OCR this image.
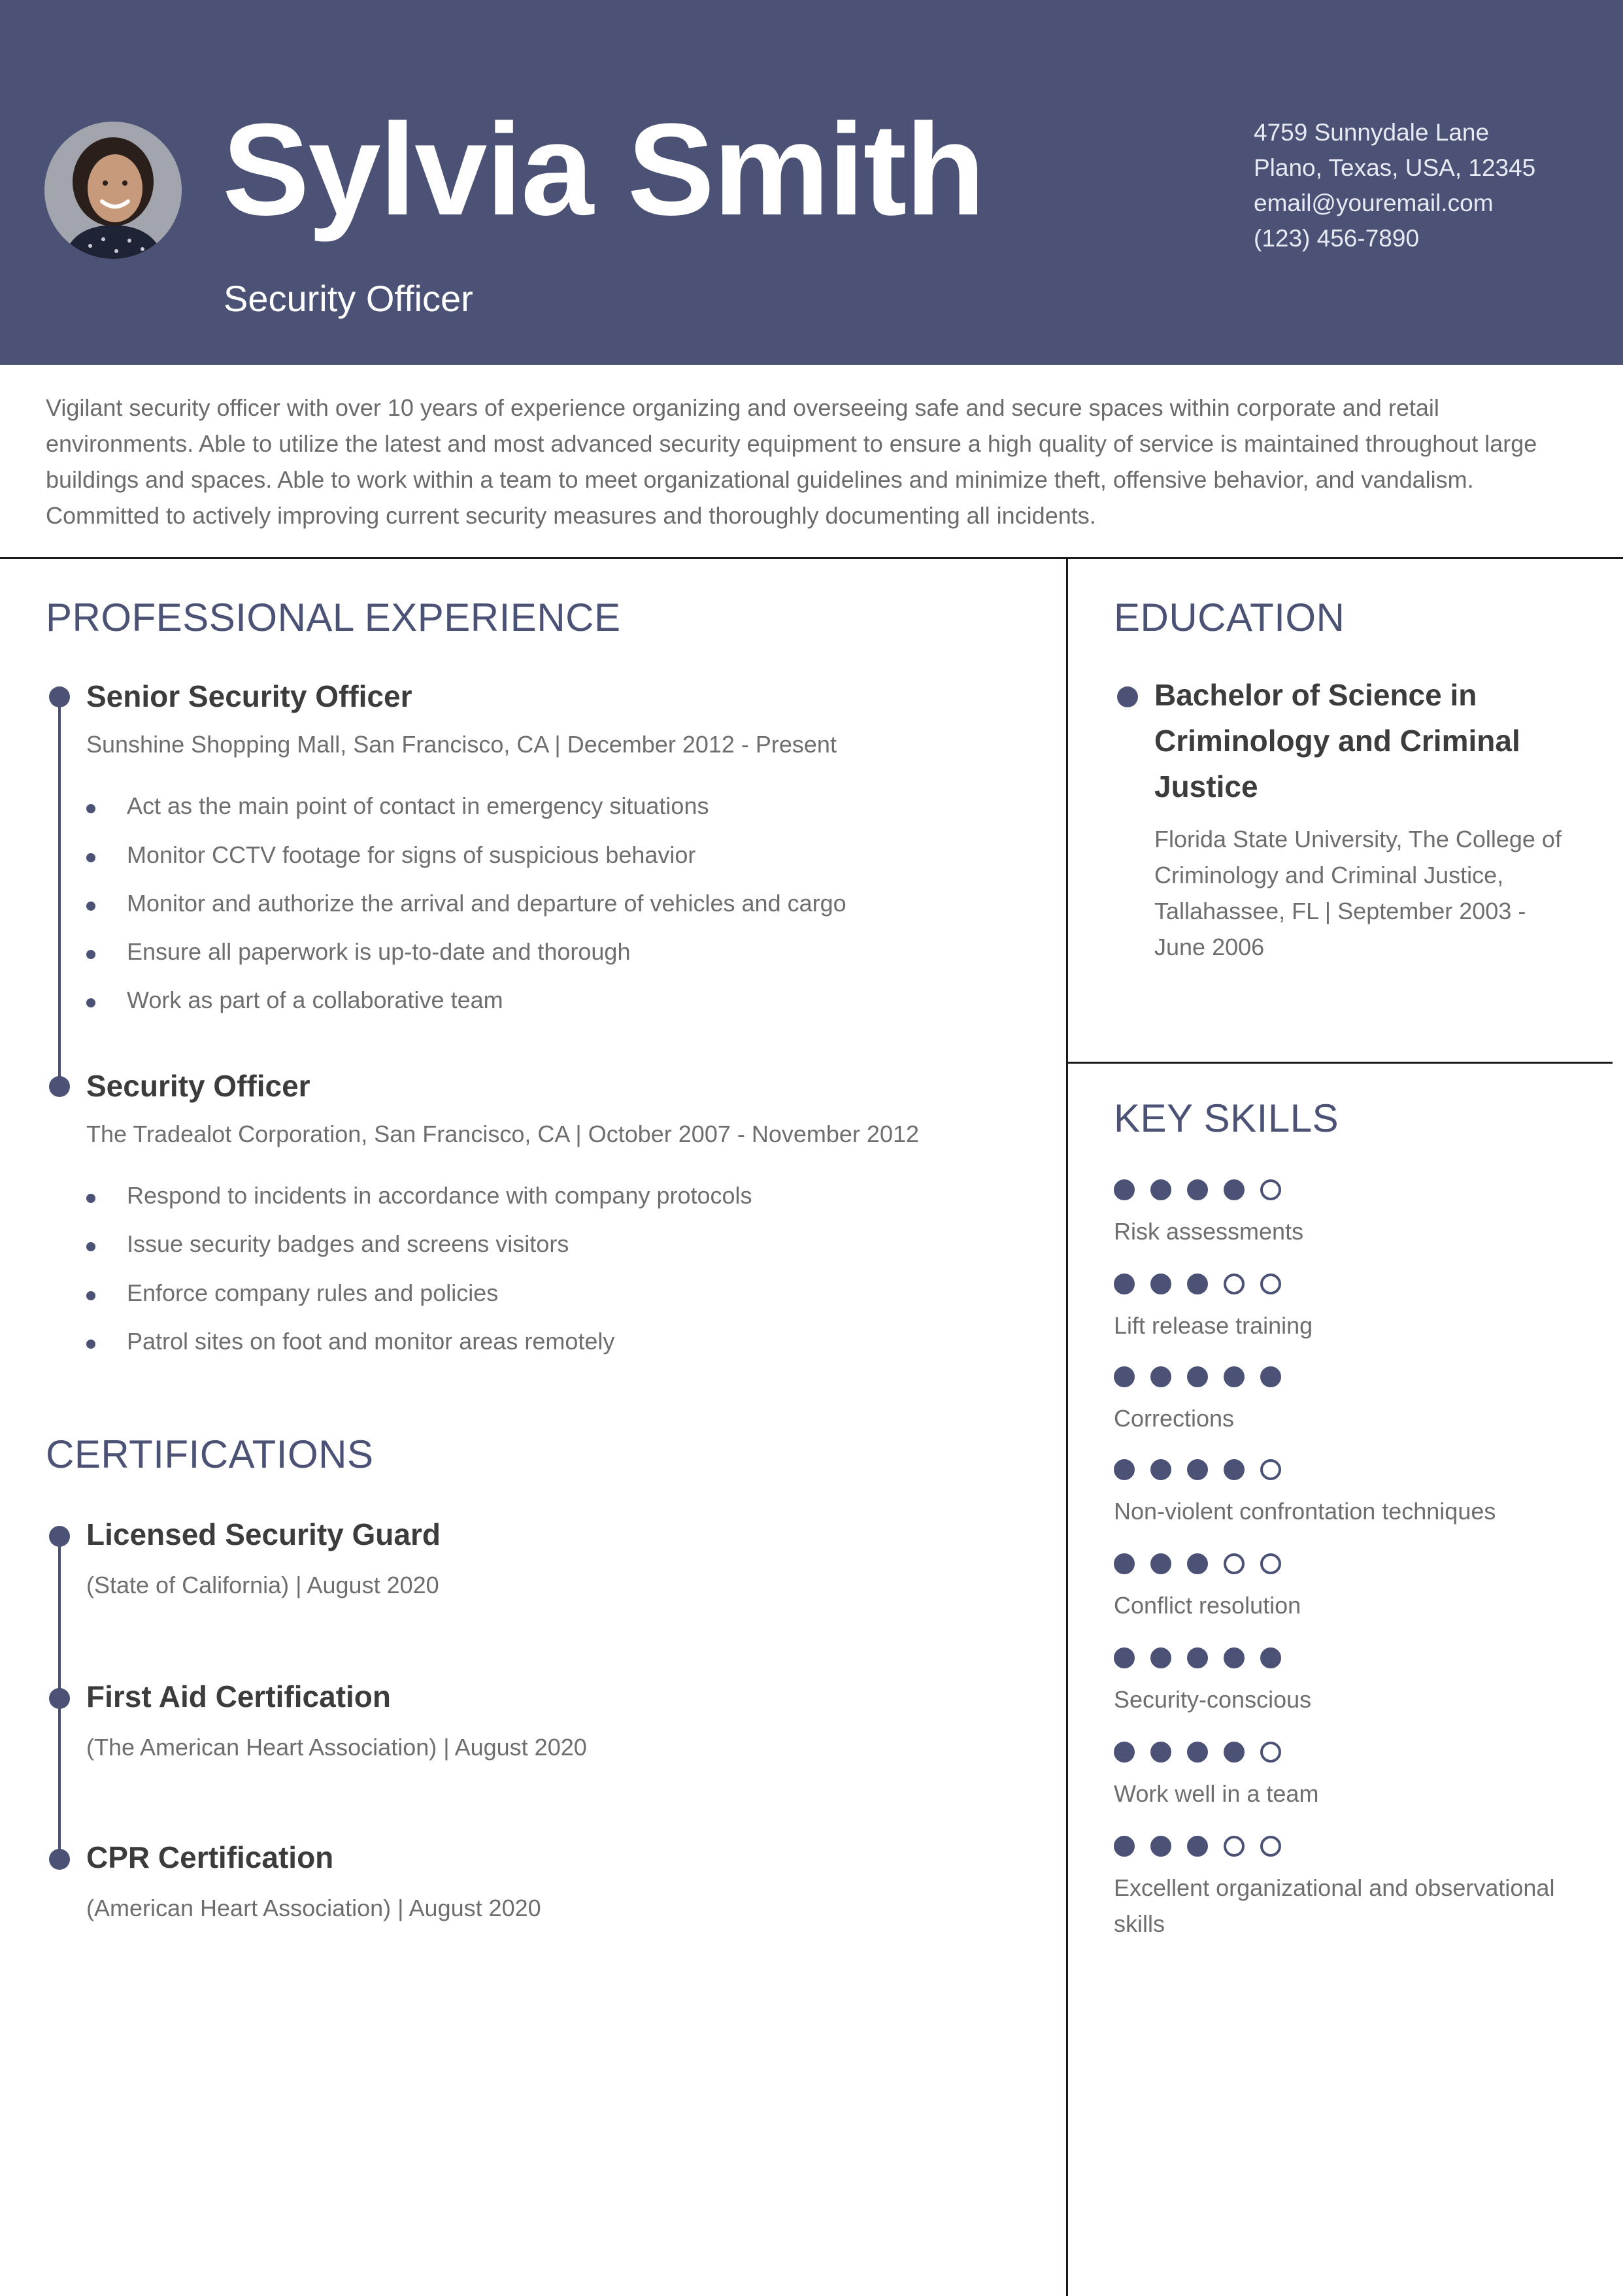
Sylvia Smith
Security Officer
4759 Sunnydale Lane
Plano, Texas, USA, 12345
email@youremail.com
(123) 456-7890
Vigilant security officer with over 10 years of experience organizing and overseeing safe and secure spaces within corporate and retail environments. Able to utilize the latest and most advanced security equipment to ensure a high quality of service is maintained throughout large buildings and spaces. Able to work within a team to meet organizational guidelines and minimize theft, offensive behavior, and vandalism. Committed to actively improving current security measures and thoroughly documenting all incidents.
PROFESSIONAL EXPERIENCE
Senior Security Officer
Sunshine Shopping Mall, San Francisco, CA | December 2012 - Present
Act as the main point of contact in emergency situations
Monitor CCTV footage for signs of suspicious behavior
Monitor and authorize the arrival and departure of vehicles and cargo
Ensure all paperwork is up-to-date and thorough
Work as part of a collaborative team
Security Officer
The Tradealot Corporation, San Francisco, CA | October 2007 - November 2012
Respond to incidents in accordance with company protocols
Issue security badges and screens visitors
Enforce company rules and policies
Patrol sites on foot and monitor areas remotely
CERTIFICATIONS
Licensed Security Guard
(State of California) | August 2020
First Aid Certification
(The American Heart Association) | August 2020
CPR Certification
(American Heart Association) | August 2020
EDUCATION
Bachelor of Science in Criminology and Criminal Justice
Florida State University, The College of Criminology and Criminal Justice, Tallahassee, FL | September 2003 - June 2006
KEY SKILLS
Risk assessments
Lift release training
Corrections
Non-violent confrontation techniques
Conflict resolution
Security-conscious
Work well in a team
Excellent organizational and observational skills
